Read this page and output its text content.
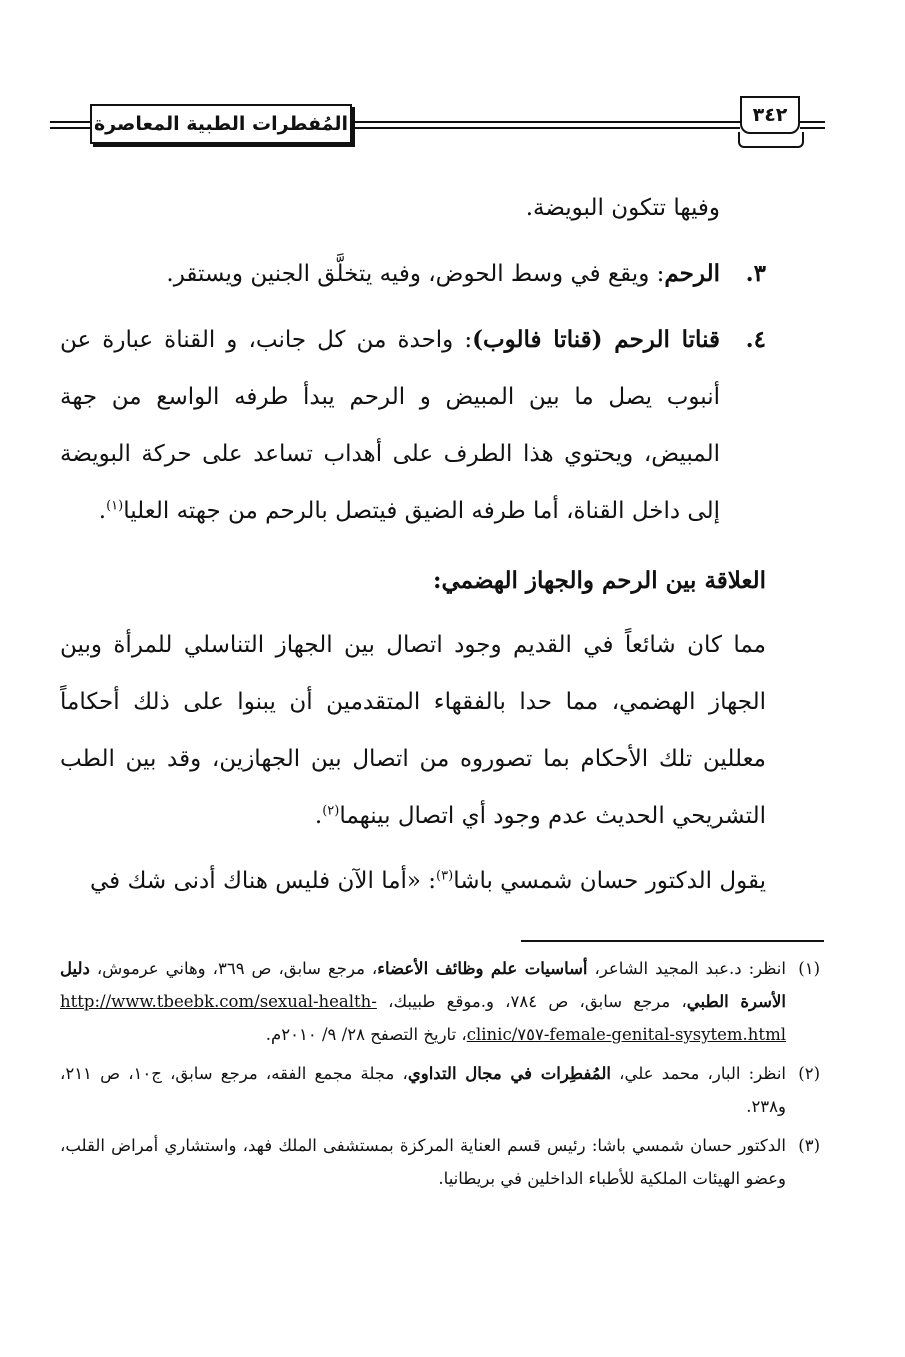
المُفطرات الطبية المعاصرة	٣٤٢

وفيها تتكون البويضة.

٣.
الرحم: ويقع في وسط الحوض، وفيه يتخلَّق الجنين ويستقر.
٤.
قناتا الرحم (قناتا فالوب): واحدة من كل جانب، و القناة عبارة عن أنبوب يصل ما بين المبيض و الرحم يبدأ طرفه الواسع من جهة المبيض، ويحتوي هذا الطرف على أهداب تساعد على حركة البويضة إلى داخل القناة، أما طرفه الضيق فيتصل بالرحم من جهته العليا$^{(١)}$.

العلاقة بين الرحم والجهاز الهضمي:

مما كان شائعاً في القديم وجود اتصال بين الجهاز التناسلي للمرأة وبين الجهاز الهضمي، مما حدا بالفقهاء المتقدمين أن يبنوا على ذلك أحكاماً معللين تلك الأحكام بما تصوروه من اتصال بين الجهازين، وقد بين الطب التشريحي الحديث عدم وجود أي اتصال بينهما$^{(٢)}$.

يقول الدكتور حسان شمسي باشا$^{(٣)}$: «أما الآن فليس هناك أدنى شك في

(١)
انظر: د.عبد المجيد الشاعر، أساسيات علم وظائف الأعضاء، مرجع سابق، ص ٣٦٩، وهاني عرموش، دليل الأسرة الطبي، مرجع سابق، ص ٧٨٤، و.موقع طبيبك، http://www.tbeebk.com/sexual-health-clinic/٧٥٧-female-genital-sysytem.html، تاريخ التصفح ٢٨/ ٩/ ٢٠١٠م.
(٢)
انظر: البار، محمد علي، المُفطِرات في مجال التداوي، مجلة مجمع الفقه، مرجع سابق، ج١٠، ص ٢١١، و٢٣٨.
(٣)
الدكتور حسان شمسي باشا: رئيس قسم العناية المركزة بمستشفى الملك فهد، واستشاري أمراض القلب، وعضو الهيئات الملكية للأطباء الداخلين في بريطانيا.
